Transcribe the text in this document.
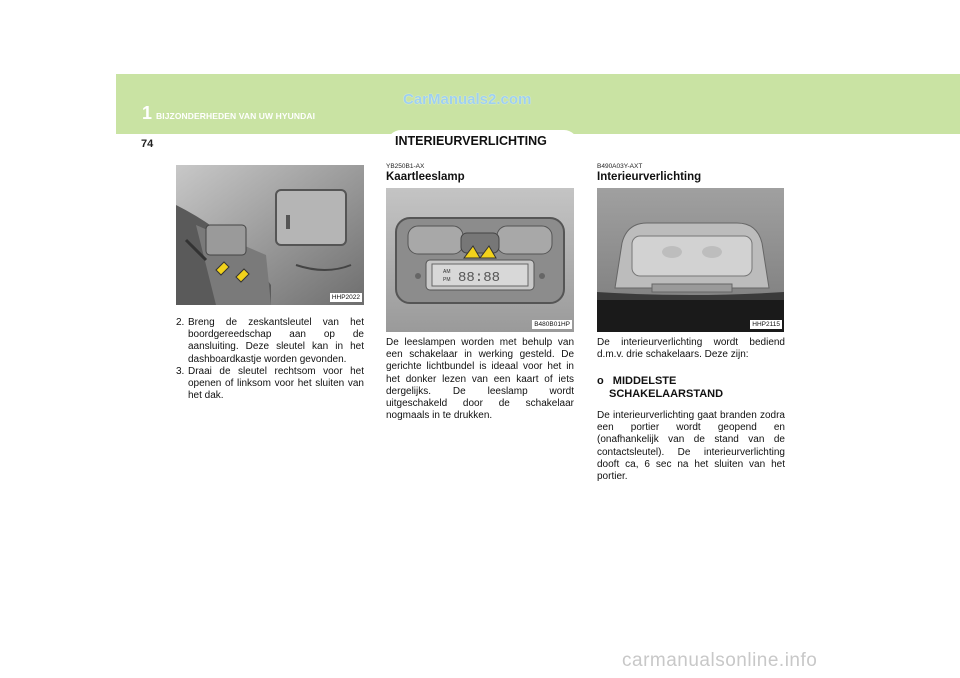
1 BIJZONDERHEDEN VAN UW HYUNDAI
CarManuals2.com
INTERIEURVERLICHTING
74
HHP2022
2. Breng de zeskantsleutel van het boordgereedschap aan op de aansluiting. Deze sleutel kan in het dashboardkastje worden gevonden.
3. Draai de sleutel rechtsom voor het openen of linksom voor het sluiten van het dak.
YB250B1-AX
Kaartleeslamp
AM
PM 88:88
B480B01HP

De leeslampen worden met behulp van een schakelaar in werking gesteld. De gerichte lichtbundel is ideaal voor het in het donker lezen van een kaart of iets dergelijks. De leeslamp wordt uitgeschakeld door de schakelaar nogmaals in te drukken.

B490A03Y-AXT
Interieurverlichting
HHP2115

De interieurverlichting wordt bediend d.m.v. drie schakelaars. Deze zijn:

o MIDDELSTE
SCHAKELAARSTAND

De interieurverlichting gaat branden zodra een portier wordt geopend en (onafhankelijk van de stand van de contactsleutel). De interieurverlichting dooft ca, 6 sec na het sluiten van het portier.

carmanualsonline.info
